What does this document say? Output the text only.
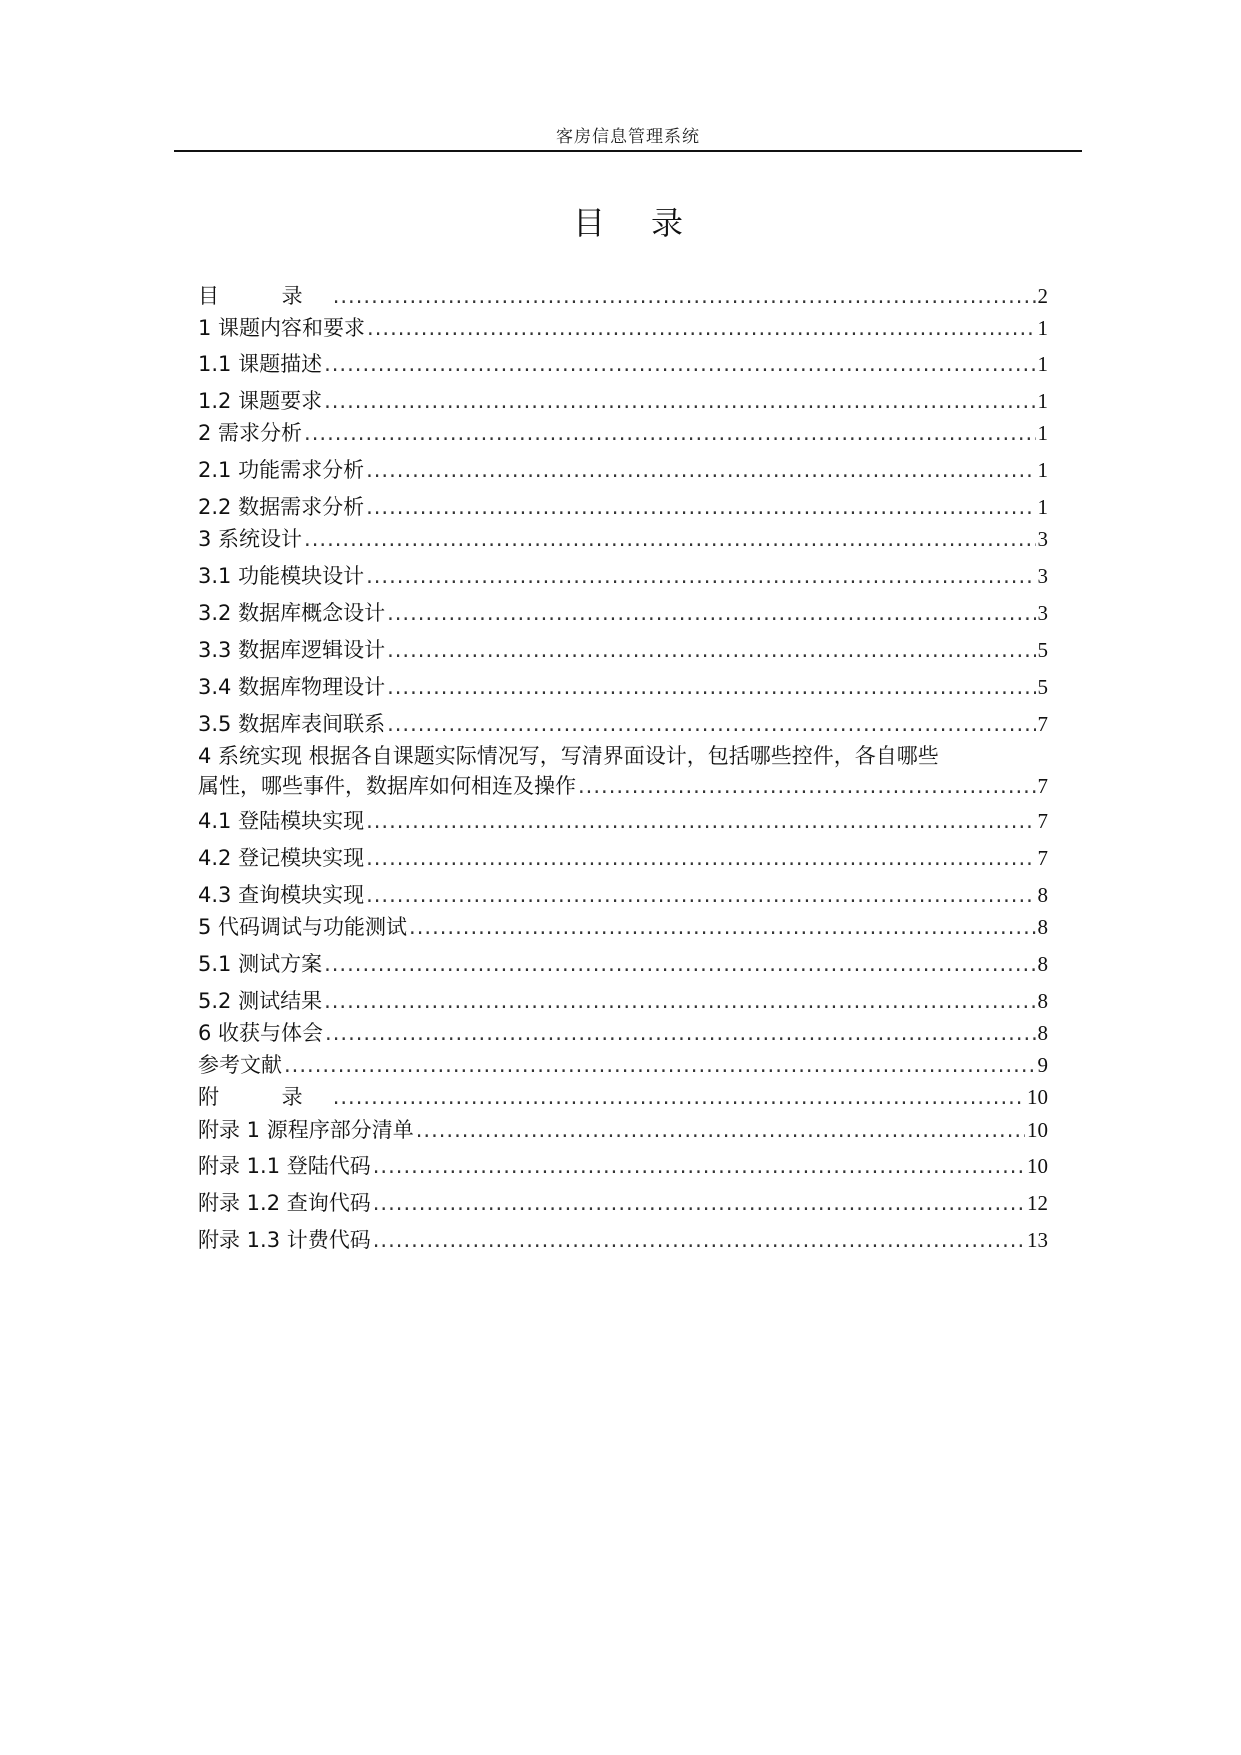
客房信息管理系统
目录
目 录 .....	2
1 课题内容和要求 .....	1
1.1 课题描述 .....	1
1.2 课题要求 .....	1
2 需求分析 .....	1
2.1 功能需求分析 .....	1
2.2 数据需求分析 .....	1
3 系统设计 .....	3
3.1 功能模块设计 .....	3
3.2 数据库概念设计 .....	3
3.3 数据库逻辑设计 .....	5
3.4 数据库物理设计 .....	5
3.5 数据库表间联系 .....	7
4 系统实现 根据各自课题实际情况写，写清界面设计，包括哪些控件，各自哪些
属性，哪些事件，数据库如何相连及操作 .....	7
4.1 登陆模块实现 .....	7
4.2 登记模块实现 .....	7
4.3 查询模块实现 .....	8
5 代码调试与功能测试 .....	8
5.1 测试方案 .....	8
5.2 测试结果 .....	8
6 收获与体会 .....	8
参考文献 .....	9
附 录 .....	10
附录 1 源程序部分清单 .....	10
附录 1.1 登陆代码 .....	10
附录 1.2 查询代码 .....	12
附录 1.3 计费代码 .....	13
